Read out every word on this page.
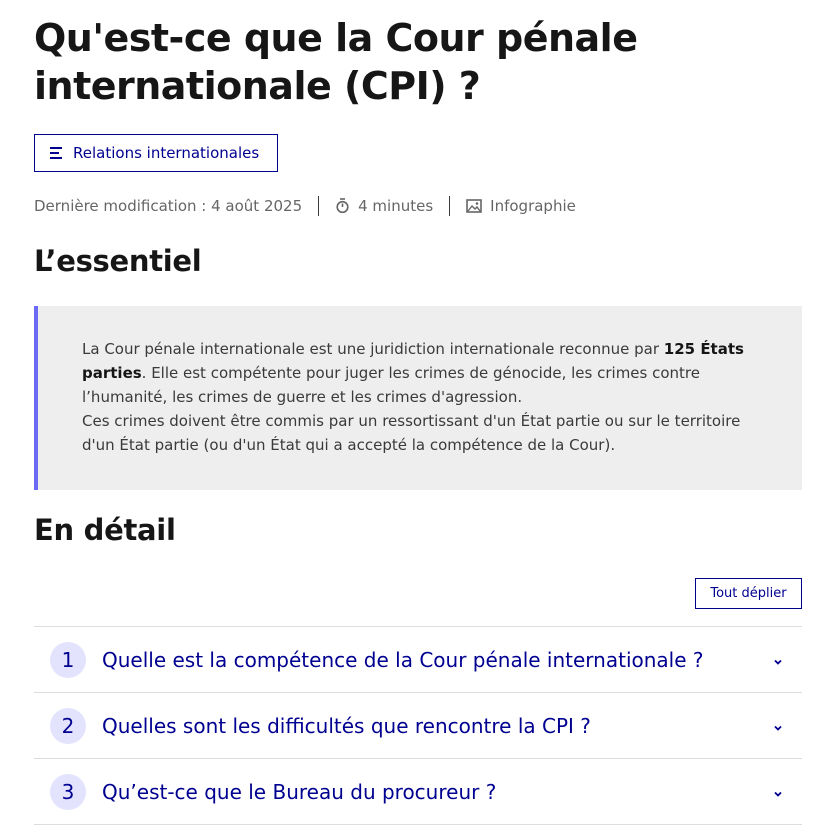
Qu'est-ce que la Cour pénale internationale (CPI) ?
Relations internationales
Dernière modification : 4 août 2025	4 minutes	Infographie
L’essentiel

La Cour pénale internationale est une juridiction internationale reconnue par 125 États parties. Elle est compétente pour juger les crimes de génocide, les crimes contre l’humanité, les crimes de guerre et les crimes d'agression.
Ces crimes doivent être commis par un ressortissant d'un État partie ou sur le territoire d'un État partie (ou d'un État qui a accepté la compétence de la Cour).

En détail
Tout déplier
1	Quelle est la compétence de la Cour pénale internationale ?
2	Quelles sont les difficultés que rencontre la CPI ?
3	Qu’est-ce que le Bureau du procureur ?
